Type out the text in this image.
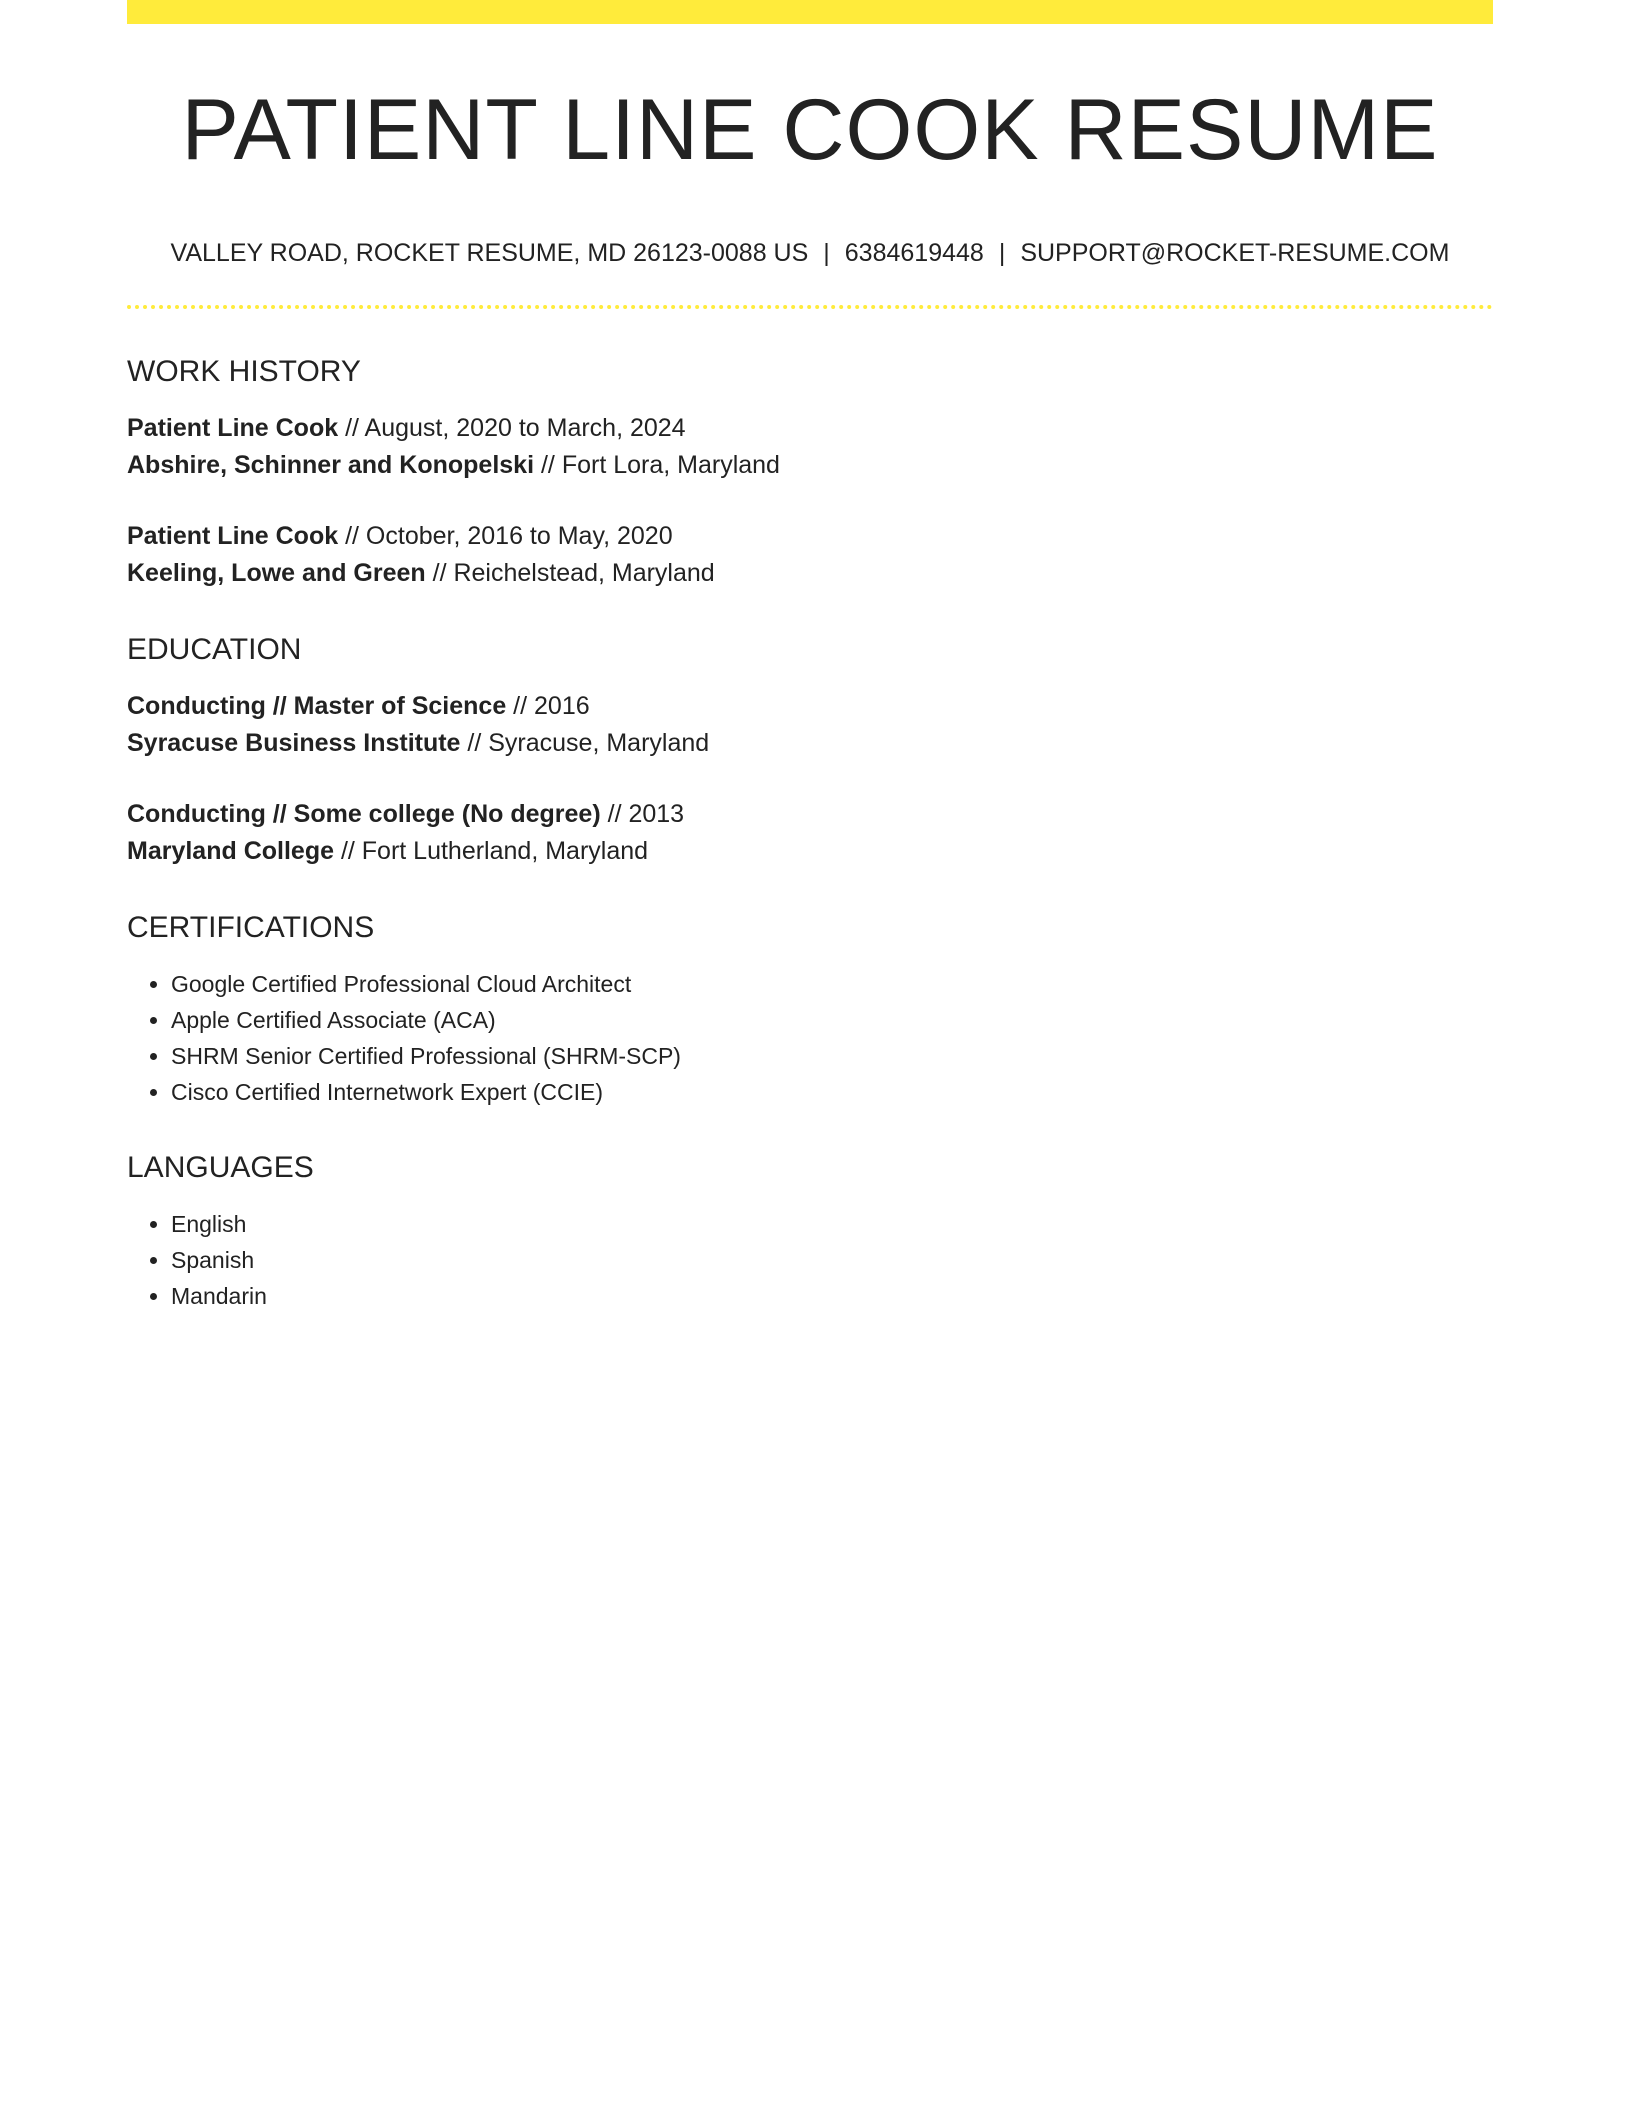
PATIENT LINE COOK RESUME
VALLEY ROAD, ROCKET RESUME, MD 26123-0088 US | 6384619448 | SUPPORT@ROCKET-RESUME.COM
WORK HISTORY
Patient Line Cook // August, 2020 to March, 2024
Abshire, Schinner and Konopelski // Fort Lora, Maryland
Patient Line Cook // October, 2016 to May, 2020
Keeling, Lowe and Green // Reichelstead, Maryland
EDUCATION
Conducting // Master of Science // 2016
Syracuse Business Institute // Syracuse, Maryland
Conducting // Some college (No degree) // 2013
Maryland College // Fort Lutherland, Maryland
CERTIFICATIONS
• Google Certified Professional Cloud Architect
• Apple Certified Associate (ACA)
• SHRM Senior Certified Professional (SHRM-SCP)
• Cisco Certified Internetwork Expert (CCIE)
LANGUAGES
• English
• Spanish
• Mandarin
